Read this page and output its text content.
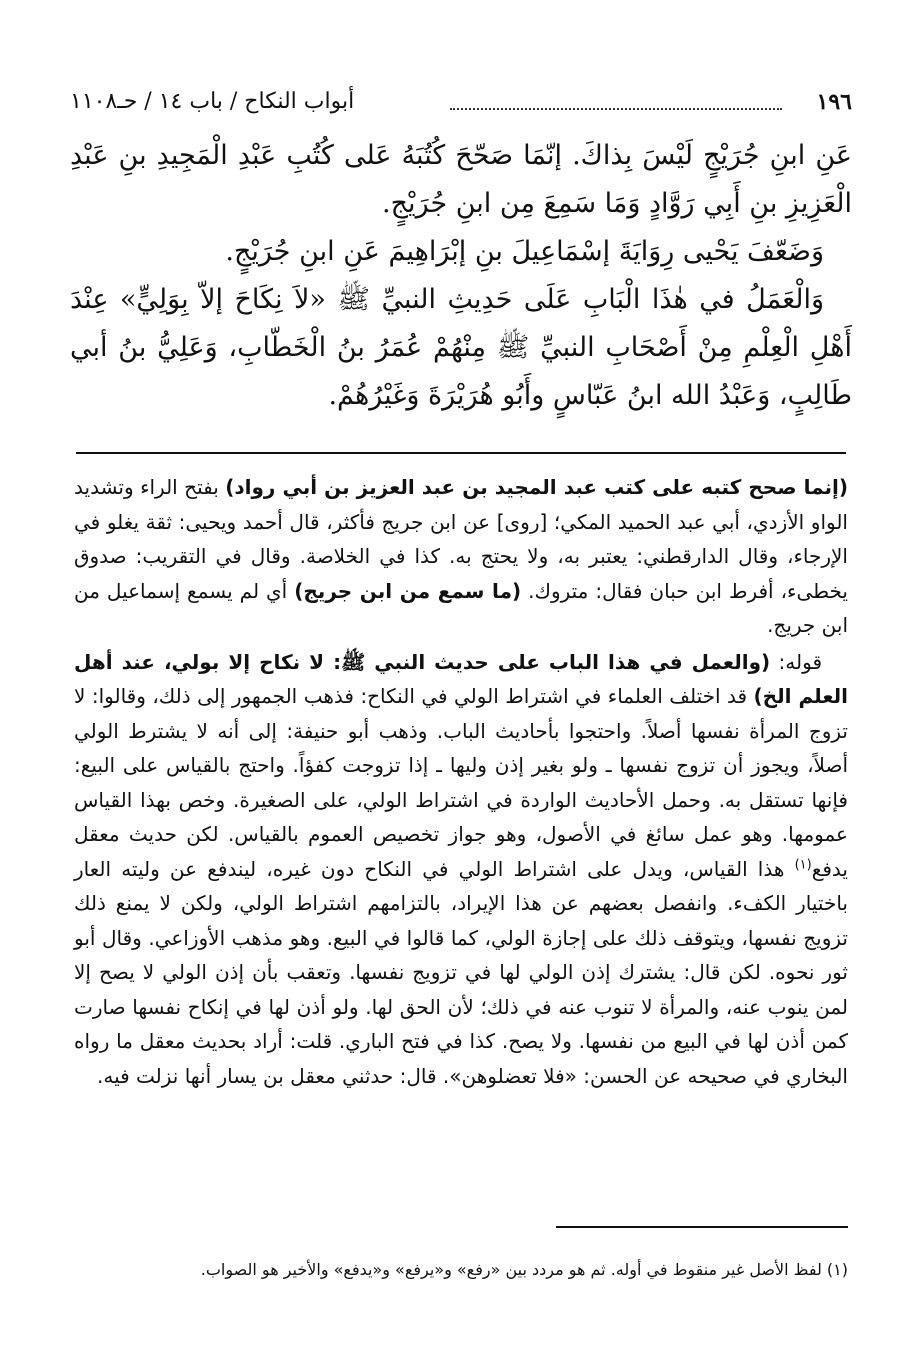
١٩٦
أبواب النكاح / باب ١٤ / حـ١١٠٨

عَنِ ابنِ جُرَيْجٍ لَيْسَ بِذاكَ. إنّمَا صَحّحَ كُتُبَهُ عَلى كُتُبِ عَبْدِ الْمَجِيدِ بنِ عَبْدِ الْعَزِيزِ بنِ أَبِي رَوَّادٍ وَمَا سَمِعَ مِن ابنِ جُرَيْجٍ.

وَضَعّفَ يَحْيى رِوَايَةَ إسْمَاعِيلَ بنِ إبْرَاهِيمَ عَنِ ابنِ جُرَيْجٍ.

وَالْعَمَلُ في هٰذَا الْبَابِ عَلَى حَدِيثِ النبيِّ ﷺ «لاَ نِكَاحَ إلاّ بِوَلِيٍّ» عِنْدَ أَهْلِ الْعِلْمِ مِنْ أَصْحَابِ النبيِّ ﷺ مِنْهُمْ عُمَرُ بنُ الْخَطّابِ، وَعَلِيُّ بنُ أبي طَالِبٍ، وَعَبْدُ الله ابنُ عَبّاسٍ وأَبُو هُرَيْرَةَ وَغَيْرُهُمْ.

(إنما صحح كتبه على كتب عبد المجيد بن عبد العزيز بن أبي رواد) بفتح الراء وتشديد الواو الأزدي، أبي عبد الحميد المكي؛ [روى] عن ابن جريج فأكثر، قال أحمد ويحيى: ثقة يغلو في الإرجاء، وقال الدارقطني: يعتبر به، ولا يحتج به. كذا في الخلاصة. وقال في التقريب: صدوق يخطىء، أفرط ابن حبان فقال: متروك. (ما سمع من ابن جريج) أي لم يسمع إسماعيل من ابن جريج.

قوله: (والعمل في هذا الباب على حديث النبي ﷺ: لا نكاح إلا بولي، عند أهل العلم الخ) قد اختلف العلماء في اشتراط الولي في النكاح: فذهب الجمهور إلى ذلك، وقالوا: لا تزوج المرأة نفسها أصلاً. واحتجوا بأحاديث الباب. وذهب أبو حنيفة: إلى أنه لا يشترط الولي أصلاً، ويجوز أن تزوج نفسها ـ ولو بغير إذن وليها ـ إذا تزوجت كفؤاً. واحتج بالقياس على البيع: فإنها تستقل به. وحمل الأحاديث الواردة في اشتراط الولي، على الصغيرة. وخص بهذا القياس عمومها. وهو عمل سائغ في الأصول، وهو جواز تخصيص العموم بالقياس. لكن حديث معقل يدفع$^{(١)}$ هذا القياس، ويدل على اشتراط الولي في النكاح دون غيره، ليندفع عن وليته العار باختيار الكفء. وانفصل بعضهم عن هذا الإيراد، بالتزامهم اشتراط الولي، ولكن لا يمنع ذلك تزويج نفسها، ويتوقف ذلك على إجازة الولي، كما قالوا في البيع. وهو مذهب الأوزاعي. وقال أبو ثور نحوه. لكن قال: يشترك إذن الولي لها في تزويج نفسها. وتعقب بأن إذن الولي لا يصح إلا لمن ينوب عنه، والمرأة لا تنوب عنه في ذلك؛ لأن الحق لها. ولو أذن لها في إنكاح نفسها صارت كمن أذن لها في البيع من نفسها. ولا يصح. كذا في فتح الباري. قلت: أراد بحديث معقل ما رواه البخاري في صحيحه عن الحسن: «فلا تعضلوهن». قال: حدثني معقل بن يسار أنها نزلت فيه.

(١) لفظ الأصل غير منقوط في أوله. ثم هو مردد بين «رفع» و«يرفع» و«يدفع» والأخير هو الصواب.
